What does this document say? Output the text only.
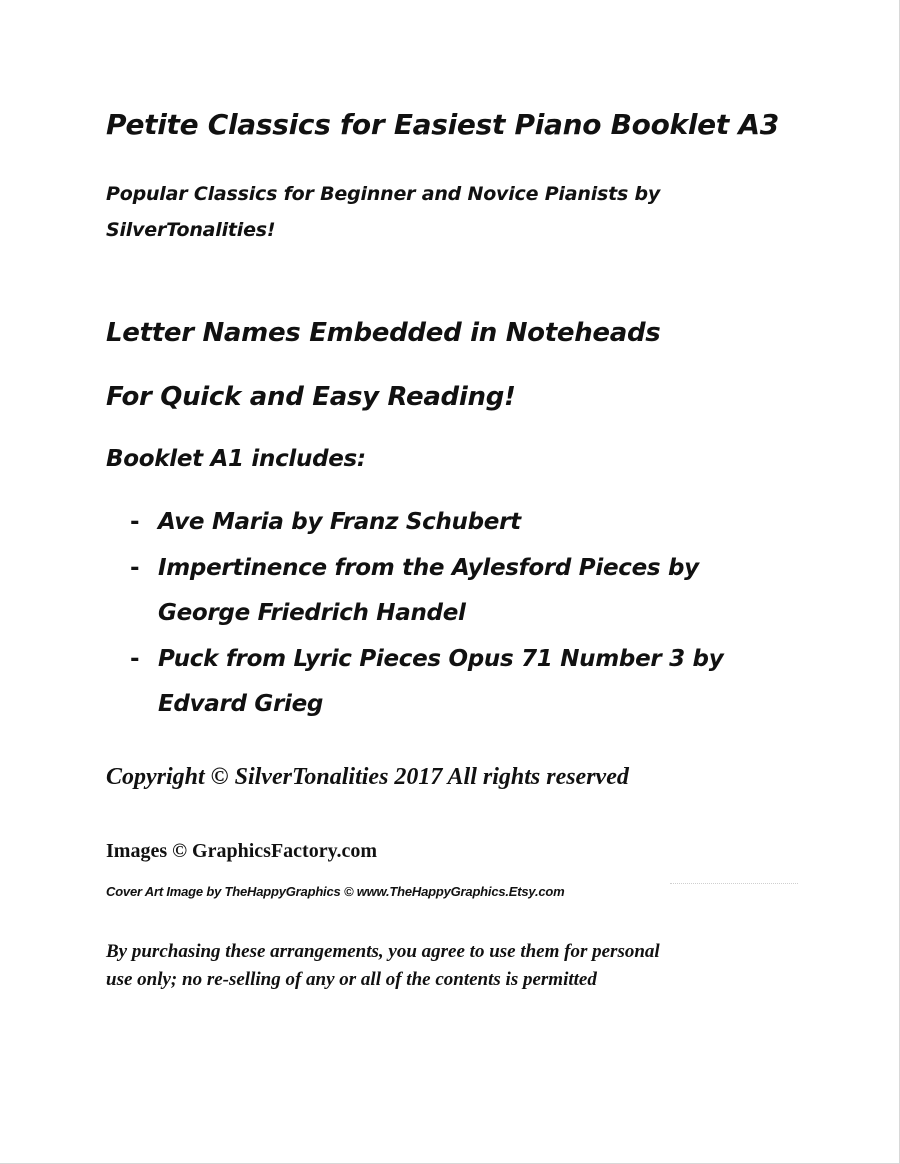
Petite Classics for Easiest Piano Booklet A3
Popular Classics for Beginner and Novice Pianists by
SilverTonalities!
Letter Names Embedded in Noteheads
For Quick and Easy Reading!
Booklet A1 includes:
- Ave Maria by Franz Schubert
- Impertinence from the Aylesford Pieces by
George Friedrich Handel
- Puck from Lyric Pieces Opus 71 Number 3 by
Edvard Grieg
Copyright © SilverTonalities 2017 All rights reserved
Images © GraphicsFactory.com
Cover Art Image by TheHappyGraphics © www.TheHappyGraphics.Etsy.com
By purchasing these arrangements, you agree to use them for personal
use only; no re-selling of any or all of the contents is permitted
